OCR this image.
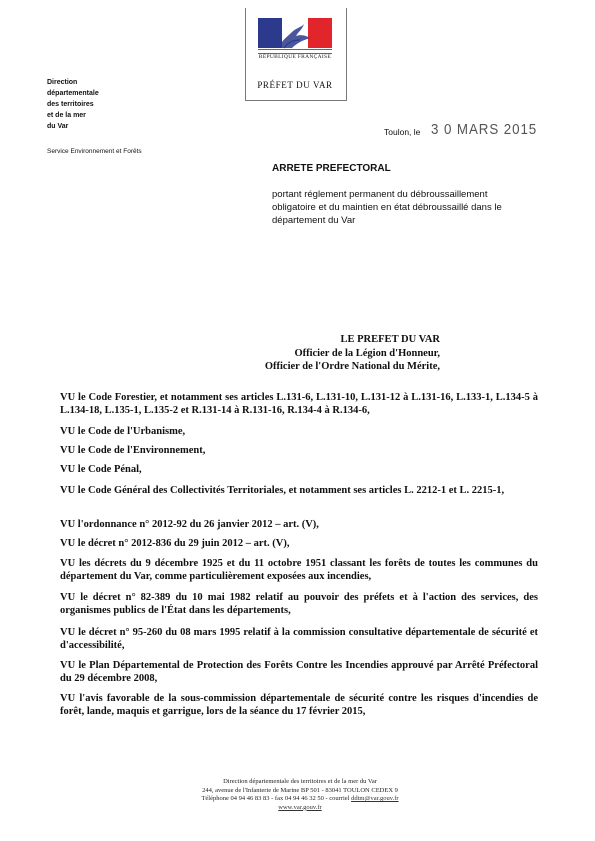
RÉPUBLIQUE FRANÇAISE
PRÉFET DU VAR
Direction
départementale
des territoires
et de la mer
du Var
Service Environnement et Forêts
Toulon, le 3 0 MARS 2015
ARRETE PREFECTORAL
portant réglement permanent du débroussaillement
obligatoire et du maintien en état débroussaillé dans le
département du Var
LE PREFET DU VAR
Officier de la Légion d'Honneur,
Officier de l'Ordre National du Mérite,
VU le Code Forestier, et notamment ses articles L.131-6, L.131-10, L.131-12 à L.131-16, L.133-1, L.134-5 à L.134-18, L.135-1, L.135-2 et R.131-14 à R.131-16, R.134-4 à R.134-6,
VU le Code de l'Urbanisme,
VU le Code de l'Environnement,
VU le Code Pénal,
VU le Code Général des Collectivités Territoriales, et notamment ses articles L. 2212-1 et L. 2215-1,
VU l'ordonnance n° 2012-92 du 26 janvier 2012 – art. (V),
VU le décret n° 2012-836 du 29 juin 2012 – art. (V),
VU les décrets du 9 décembre 1925 et du 11 octobre 1951 classant les forêts de toutes les communes du département du Var, comme particulièrement exposées aux incendies,
VU le décret n° 82-389 du 10 mai 1982 relatif au pouvoir des préfets et à l'action des services, des organismes publics de l'État dans les départements,
VU le décret n° 95-260 du 08 mars 1995 relatif à la commission consultative départementale de sécurité et d'accessibilité,
VU le Plan Départemental de Protection des Forêts Contre les Incendies approuvé par Arrêté Préfectoral du 29 décembre 2008,
VU l'avis favorable de la sous-commission départementale de sécurité contre les risques d'incendies de forêt, lande, maquis et garrigue, lors de la séance du 17 février 2015,
Direction départementale des territoires et de la mer du Var
244, avenue de l'Infanterie de Marine BP 501 - 83041 TOULON CEDEX 9
Téléphone 04 94 46 83 83 - fax 04 94 46 32 50 - courriel ddtm@var.gouv.fr
www.var.gouv.fr
